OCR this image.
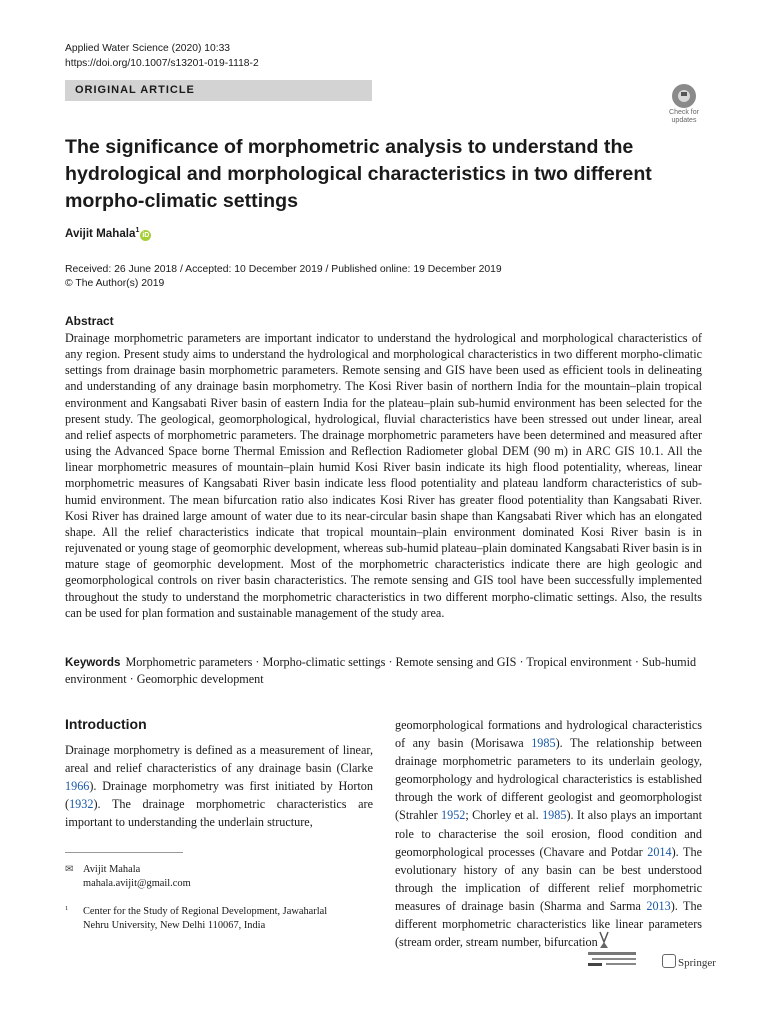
Applied Water Science (2020) 10:33
https://doi.org/10.1007/s13201-019-1118-2
ORIGINAL ARTICLE
Check for updates
The significance of morphometric analysis to understand the hydrological and morphological characteristics in two different morpho-climatic settings
Avijit Mahala$^1$iD
Received: 26 June 2018 / Accepted: 10 December 2019 / Published online: 19 December 2019
© The Author(s) 2019
Abstract

Drainage morphometric parameters are important indicator to understand the hydrological and morphological characteristics of any region. Present study aims to understand the hydrological and morphological characteristics in two different morpho-climatic settings from drainage basin morphometric parameters. Remote sensing and GIS have been used as efficient tools in delineating and understanding of any drainage basin morphometry. The Kosi River basin of northern India for the mountain–plain tropical environment and Kangsabati River basin of eastern India for the plateau–plain sub-humid environment has been selected for the present study. The geological, geomorphological, hydrological, fluvial characteristics have been stressed out under linear, areal and relief aspects of morphometric parameters. The drainage morphometric parameters have been determined and measured after using the Advanced Space borne Thermal Emission and Reflection Radiometer global DEM (90 m) in ARC GIS 10.1. All the linear morphometric measures of mountain–plain humid Kosi River basin indicate its high flood potentiality, whereas, linear morphometric measures of Kangsabati River basin indicate less flood potentiality and plateau landform characteristics of sub-humid environment. The mean bifurcation ratio also indicates Kosi River has greater flood potentiality than Kangsabati River. Kosi River has drained large amount of water due to its near-circular basin shape than Kangsabati River which has an elongated shape. All the relief characteristics indicate that tropical mountain–plain environment dominated Kosi River basin is in rejuvenated or young stage of geomorphic development, whereas sub-humid plateau–plain dominated Kangsabati River basin is in mature stage of geomorphic development. Most of the morphometric characteristics indicate there are high geologic and geomorphological controls on river basin characteristics. The remote sensing and GIS tool have been successfully implemented throughout the study to understand the morphometric characteristics in two different morpho-climatic settings. Also, the results can be used for plan formation and sustainable management of the study area.

Keywords Morphometric parameters · Morpho-climatic settings · Remote sensing and GIS · Tropical environment · Sub-humid environment · Geomorphic development
Introduction

Drainage morphometry is defined as a measurement of linear, areal and relief characteristics of any drainage basin (Clarke 1966). Drainage morphometry was first initiated by Horton (1932). The drainage morphometric characteristics are important to understanding the underlain structure,

geomorphological formations and hydrological characteristics of any basin (Morisawa 1985). The relationship between drainage morphometric parameters to its underlain geology, geomorphology and hydrological characteristics is established through the work of different geologist and geomorphologist (Strahler 1952; Chorley et al. 1985). It also plays an important role to characterise the soil erosion, flood condition and geomorphological processes (Chavare and Potdar 2014). The evolutionary history of any basin can be best understood through the implication of different relief morphometric measures of drainage basin (Sharma and Sarma 2013). The different morphometric characteristics like linear parameters (stream order, stream number, bifurcation

✉ Avijit Mahala
mahala.avijit@gmail.com
$^1$ Center for the Study of Regional Development, Jawaharlal
Nehru University, New Delhi 110067, India
Springer
